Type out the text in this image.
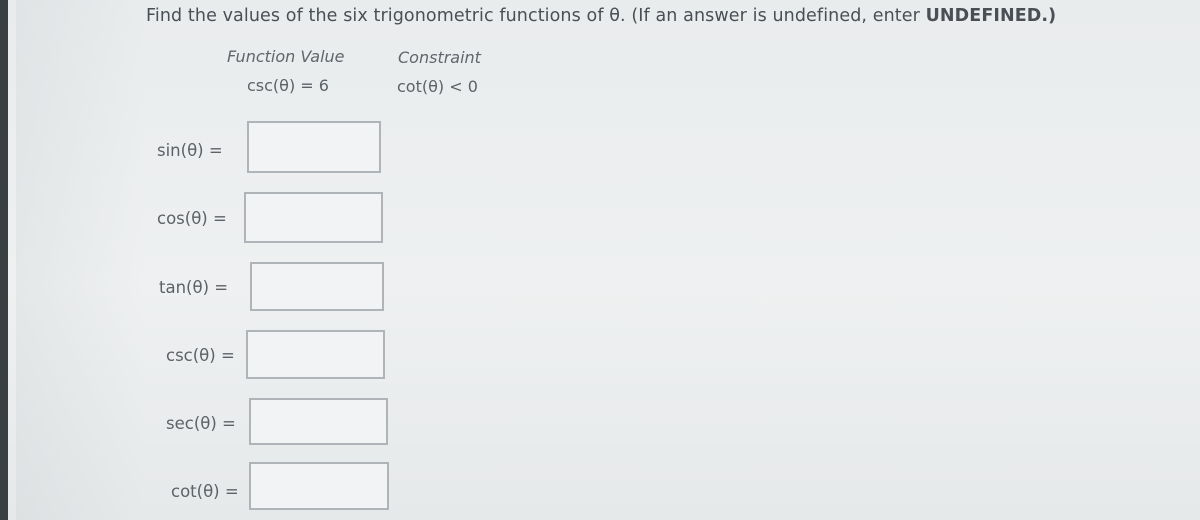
Find the values of the six trigonometric functions of θ. (If an answer is undefined, enter UNDEFINED.)
Function Value	Constraint
csc(θ) = 6	cot(θ) < 0
sin(θ) =
cos(θ) =
tan(θ) =
csc(θ) =
sec(θ) =
cot(θ) =
